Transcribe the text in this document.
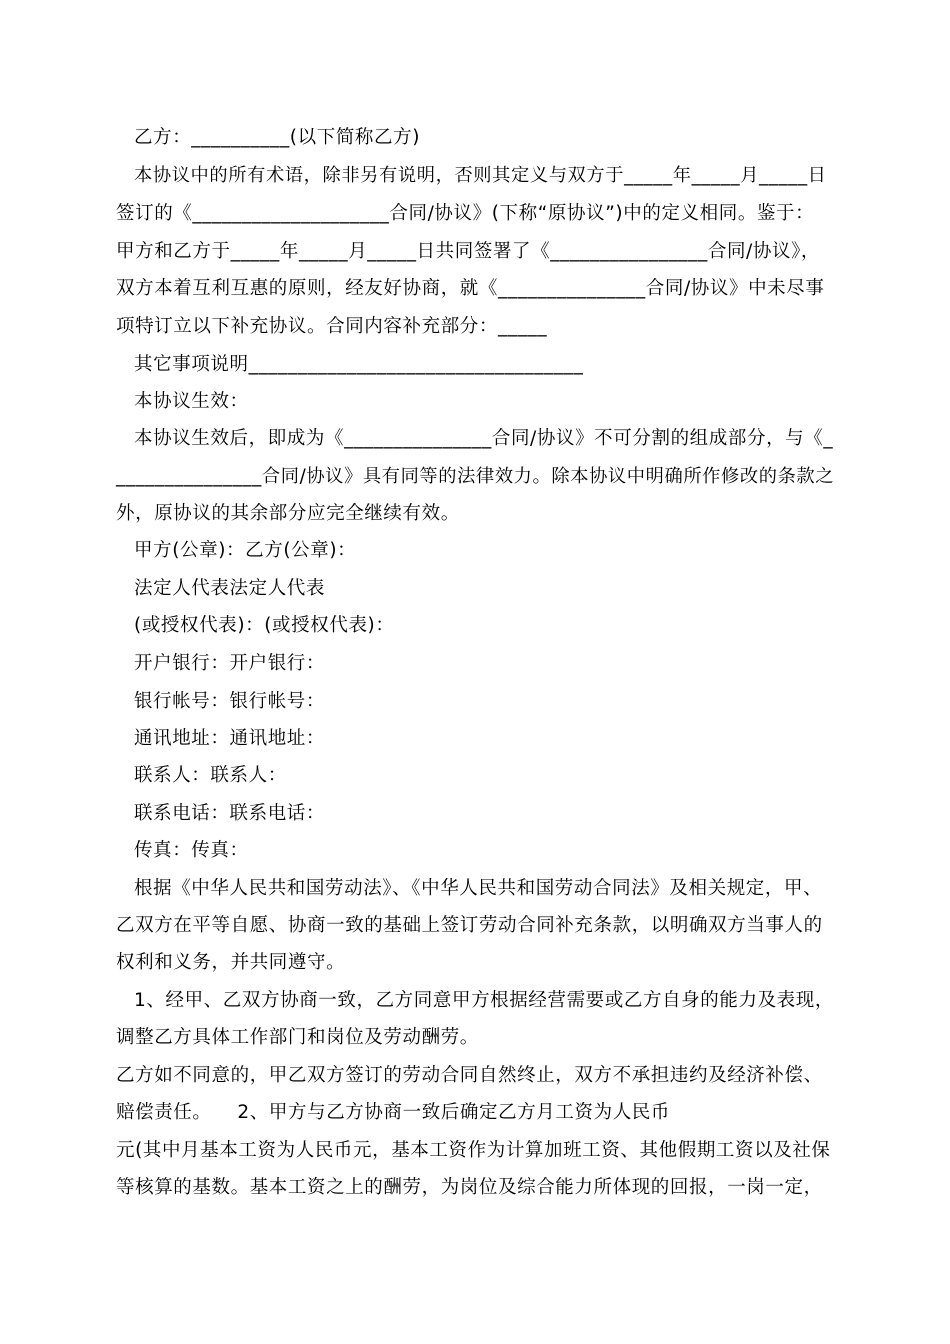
乙方：__________(以下简称乙方)
本协议中的所有术语，除非另有说明，否则其定义与双方于_____年_____月_____日
签订的《____________________合同/协议》(下称“原协议”)中的定义相同。鉴于：
甲方和乙方于_____年_____月_____日共同签署了《________________合同/协议》，
双方本着互利互惠的原则，经友好协商，就《_______________合同/协议》中未尽事
项特订立以下补充协议。合同内容补充部分：_____
其它事项说明__________________________________
本协议生效：
本协议生效后，即成为《_______________合同/协议》不可分割的组成部分，与《_
_______________合同/协议》具有同等的法律效力。除本协议中明确所作修改的条款之
外，原协议的其余部分应完全继续有效。
甲方(公章)：乙方(公章)：
法定人代表法定人代表
(或授权代表)：(或授权代表)：
开户银行：开户银行：
银行帐号：银行帐号：
通讯地址：通讯地址：
联系人：联系人：
联系电话：联系电话：
传真：传真：
根据《中华人民共和国劳动法》、《中华人民共和国劳动合同法》及相关规定，甲、
乙双方在平等自愿、协商一致的基础上签订劳动合同补充条款，以明确双方当事人的
权利和义务，并共同遵守。
1、经甲、乙双方协商一致，乙方同意甲方根据经营需要或乙方自身的能力及表现，
调整乙方具体工作部门和岗位及劳动酬劳。
乙方如不同意的，甲乙双方签订的劳动合同自然终止，双方不承担违约及经济补偿、
赔偿责任。    2、甲方与乙方协商一致后确定乙方月工资为人民币
元(其中月基本工资为人民币元，基本工资作为计算加班工资、其他假期工资以及社保
等核算的基数。基本工资之上的酬劳，为岗位及综合能力所体现的回报，一岗一定，
